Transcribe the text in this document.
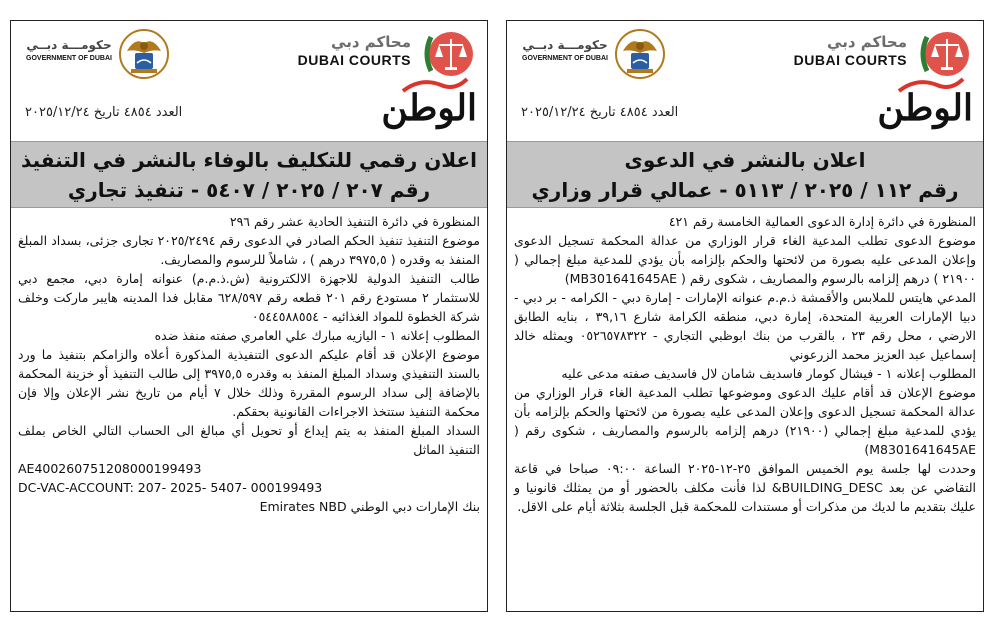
محاكم دبي
DUBAI COURTS
حكومـــة دبــي
GOVERNMENT OF DUBAI
الوطن
العدد ٤٨٥٤ تاريخ ٢٠٢٥/١٢/٢٤
اعلان بالنشر في الدعوى
رقم ١١٢ / ٢٠٢٥ / ٥١١٣ - عمالي قرار وزاري

المنظورة في دائرة إدارة الدعوى العمالية الخامسة رقم ٤٢١

موضوع الدعوى تطلب المدعية الغاء قرار الوزاري من عدالة المحكمة تسجيل الدعوى وإعلان المدعى عليه بصورة من لائحتها والحكم بإلزامه بأن يؤدي للمدعية مبلغ إجمالي ( ٢١٩٠٠ ) درهم إلزامه بالرسوم والمصاريف ، شكوى رقم ( MB301641645AE)

المدعي هايتس للملابس والأقمشة ذ.م.م عنوانه الإمارات - إمارة دبي - الكرامه - بر دبي - دبيا الإمارات العربية المتحدة، إمارة دبي، منطقه الكرامة شارع ٣٩,١٦ ، بنايه الطابق الارضي ، محل رقم ٢٣ ، بالقرب من بنك ابوظبي التجاري - ٠٥٢٦٥٧٨٣٢٢ ويمثله خالد إسماعيل عبد العزيز محمد الزرعوني

المطلوب إعلانه ١ - فيشال كومار فاسديف شامان لال فاسديف صفته مدعى عليه

موضوع الإعلان قد أقام عليك الدعوى وموضوعها تطلب المدعية الغاء قرار الوزاري من عدالة المحكمة تسجيل الدعوى وإعلان المدعى عليه بصورة من لائحتها والحكم بإلزامه بأن يؤدي للمدعية مبلغ إجمالي (٢١٩٠٠) درهم إلزامه بالرسوم والمصاريف ، شكوى رقم ( M8301641645AE)

وحددت لها جلسة يوم الخميس الموافق ٢٥-١٢-٢٠٢٥ الساعة ٠٩:٠٠ صباحا في قاعة التقاضي عن بعد BUILDING_DESC& لذا فأنت مكلف بالحضور أو من يمثلك قانونيا و عليك بتقديم ما لديك من مذكرات أو مستندات للمحكمة قبل الجلسة بثلاثة أيام على الاقل.

محاكم دبي
DUBAI COURTS
حكومـــة دبــي
GOVERNMENT OF DUBAI
الوطن
العدد ٤٨٥٤ تاريخ ٢٠٢٥/١٢/٢٤
اعلان رقمي للتكليف بالوفاء بالنشر في التنفيذ
رقم ٢٠٧ / ٢٠٢٥ / ٥٤٠٧ - تنفيذ تجاري

المنظورة في دائرة التنفيذ الحادية عشر رقم ٢٩٦

موضوع التنفيذ تنفيذ الحكم الصادر في الدعوى رقم ٢٠٢٥/٢٤٩٤ تجارى جزئى، بسداد المبلغ المنفذ به وقدره ( ٣٩٧٥,٥ درهم ) ، شاملاً للرسوم والمصاريف.

طالب التنفيذ الدولية للاجهزة الالكترونية (ش.ذ.م.م) عنوانه إمارة دبي، مجمع دبي للاستثمار ٢ مستودع رقم ٢٠١ قطعه رقم ٦٢٨/٥٩٧ مقابل فدا المدينه هايبر ماركت وخلف شركة الخطوة للمواد الغذائيه - ٠٥٤٤٥٨٨٥٥٤

المطلوب إعلانه ١ - اليازيه مبارك علي العامري صفته منفذ ضده

موضوع الإعلان قد أقام عليكم الدعوى التنفيذية المذكورة أعلاه والزامكم بتنفيذ ما ورد بالسند التنفيذي وسداد المبلغ المنفذ به وقدره ٣٩٧٥,٥ إلى طالب التنفيذ أو خزينة المحكمة بالإضافة إلى سداد الرسوم المقررة وذلك خلال ٧ أيام من تاريخ نشر الإعلان وإلا فإن محكمة التنفيذ ستتخذ الاجراءات القانونية بحقكم.

السداد المبلغ المنفذ به يتم إيداع أو تحويل أي مبالغ الى الحساب التالي الخاص بملف التنفيذ الماثل

AE400260751208000199493

DC-VAC-ACCOUNT: 207- 2025- 5407- 000199493

بنك الإمارات دبي الوطني Emirates NBD
